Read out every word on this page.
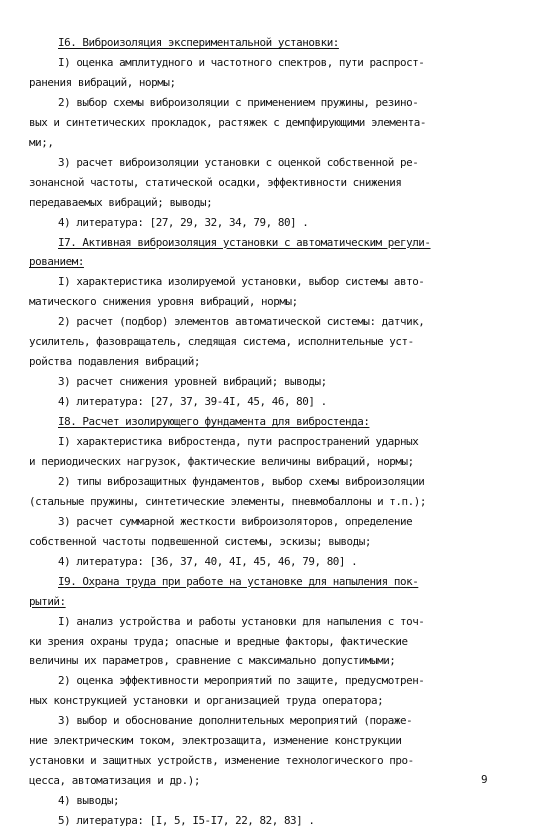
I6. Виброизоляция экспериментальной установки:
I) оценка амплитудного и частотного спектров, пути распрост-
ранения вибраций, нормы;
2) выбор схемы виброизоляции с применением пружины, резино-
вых и синтетических прокладок, растяжек с демпфирующими элемента-
ми;,
3) расчет виброизоляции установки с оценкой собственной ре-
зонансной частоты, статической осадки, эффективности снижения
передаваемых вибраций; выводы;
4) литература: [27, 29, 32, 34, 79, 80] .
I7. Активная виброизоляция установки с автоматическим регули-
рованием:
I) характеристика изолируемой установки, выбор системы авто-
матического снижения уровня вибраций, нормы;
2) расчет (подбор) элементов автоматической системы: датчик,
усилитель, фазовращатель, следящая система, исполнительные уст-
ройства подавления вибраций;
3) расчет снижения уровней вибраций; выводы;
4) литература: [27, 37, 39-4I, 45, 46, 80] .
I8. Расчет изолирующего фундамента для вибростенда:
I) характеристика вибростенда, пути распространений ударных
и периодических нагрузок, фактические величины вибраций, нормы;
2) типы виброзащитных фундаментов, выбор схемы виброизоляции
(стальные пружины, синтетические элементы, пневмобаллоны и т.п.);
3) расчет суммарной жесткости виброизоляторов, определение
собственной частоты подвешенной системы, эскизы; выводы;
4) литература: [36, 37, 40, 4I, 45, 46, 79, 80] .
I9. Охрана труда при работе на установке для напыления пок-
рытий:
I) анализ устройства и работы установки для напыления с точ-
ки зрения охраны труда; опасные и вредные факторы, фактические
величины их параметров, сравнение с максимально допустимыми;
2) оценка эффективности мероприятий по защите, предусмотрен-
ных конструкцией установки и организацией труда оператора;
3) выбор и обоснование дополнительных мероприятий (пораже-
ние электрическим током, электрозащита, изменение конструкции
установки и защитных устройств, изменение технологического про-
цесса, автоматизация и др.);
4) выводы;
5) литература: [I, 5, I5-I7, 22, 82, 83] .
9
